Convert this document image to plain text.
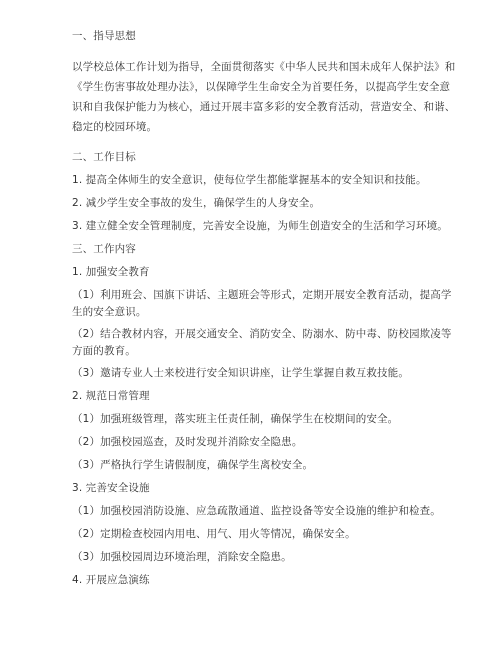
一、指导思想
以学校总体工作计划为指导，全面贯彻落实《中华人民共和国未成年人保护法》和
《学生伤害事故处理办法》，以保障学生生命安全为首要任务，以提高学生安全意
识和自我保护能力为核心，通过开展丰富多彩的安全教育活动，营造安全、和谐、
稳定的校园环境。
二、工作目标
1. 提高全体师生的安全意识，使每位学生都能掌握基本的安全知识和技能。
2. 减少学生安全事故的发生，确保学生的人身安全。
3. 建立健全安全管理制度，完善安全设施，为师生创造安全的生活和学习环境。
三、工作内容
1. 加强安全教育
（1）利用班会、国旗下讲话、主题班会等形式，定期开展安全教育活动，提高学
生的安全意识。
（2）结合教材内容，开展交通安全、消防安全、防溺水、防中毒、防校园欺凌等
方面的教育。
（3）邀请专业人士来校进行安全知识讲座，让学生掌握自救互救技能。
2. 规范日常管理
（1）加强班级管理，落实班主任责任制，确保学生在校期间的安全。
（2）加强校园巡查，及时发现并消除安全隐患。
（3）严格执行学生请假制度，确保学生离校安全。
3. 完善安全设施
（1）加强校园消防设施、应急疏散通道、监控设备等安全设施的维护和检查。
（2）定期检查校园内用电、用气、用火等情况，确保安全。
（3）加强校园周边环境治理，消除安全隐患。
4. 开展应急演练
